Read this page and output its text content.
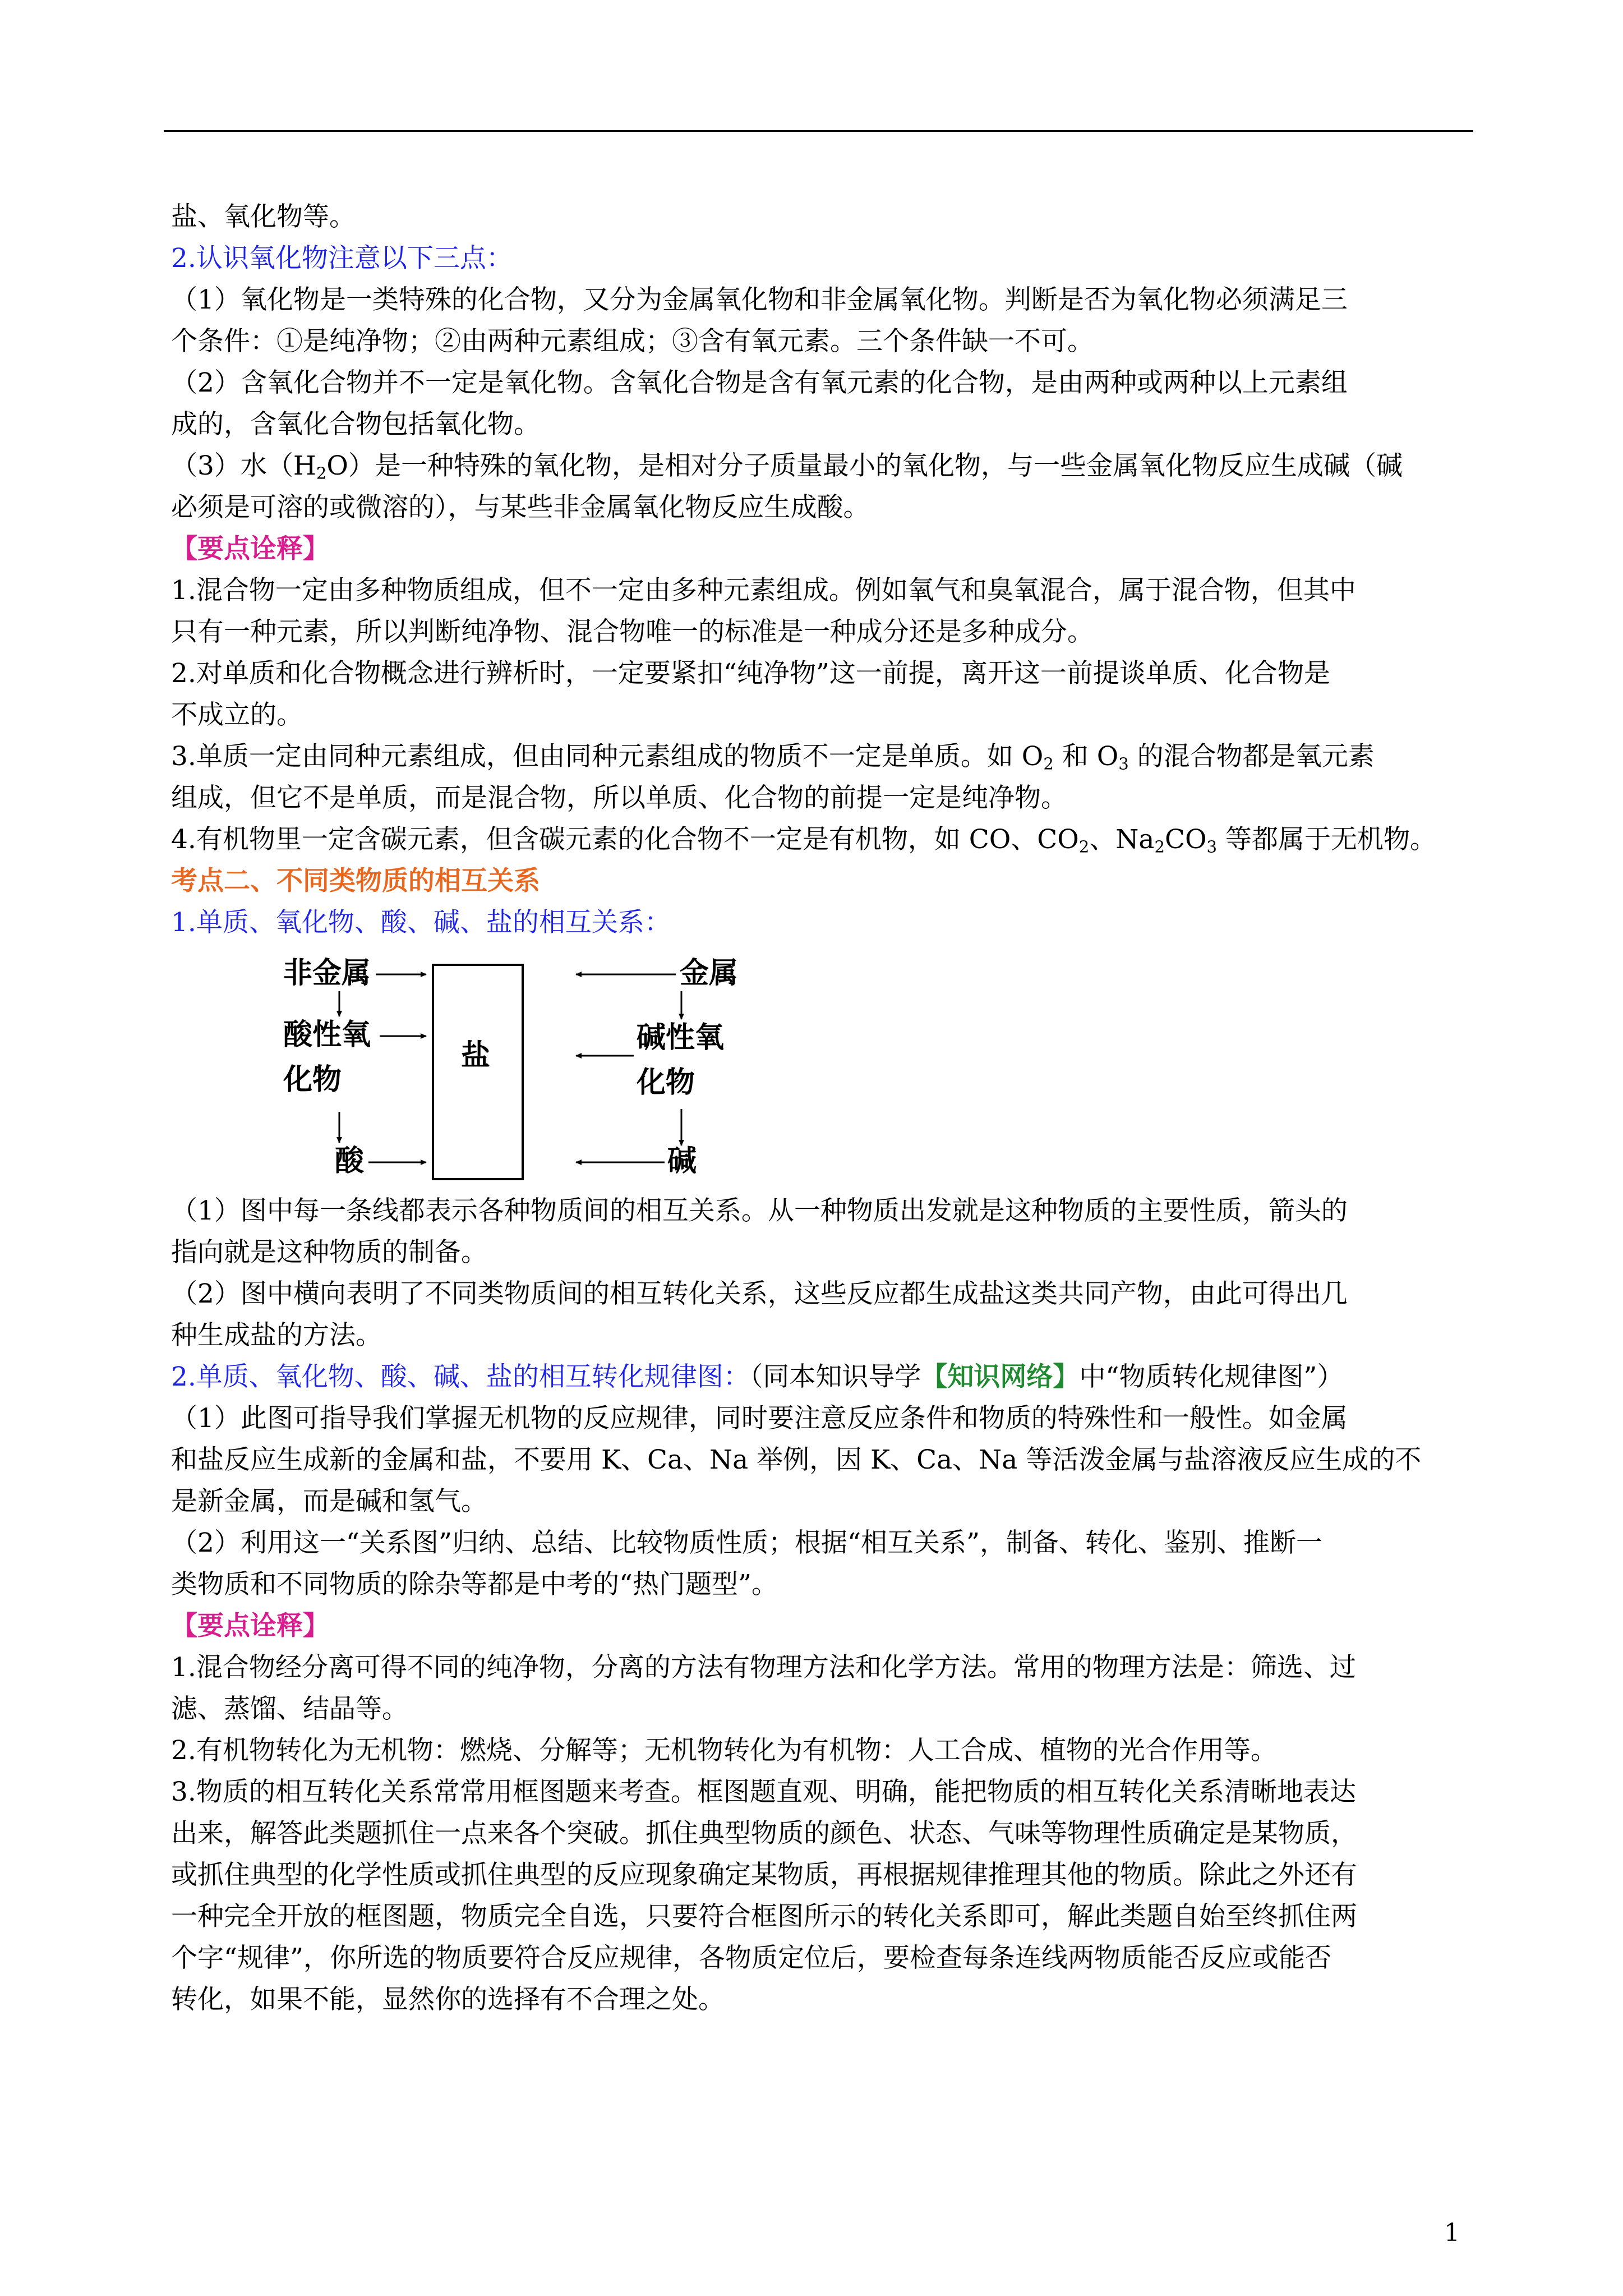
盐、氧化物等。
2.认识氧化物注意以下三点：
（1）氧化物是一类特殊的化合物，又分为金属氧化物和非金属氧化物。判断是否为氧化物必须满足三
个条件：①是纯净物；②由两种元素组成；③含有氧元素。三个条件缺一不可。
（2）含氧化合物并不一定是氧化物。含氧化合物是含有氧元素的化合物，是由两种或两种以上元素组
成的，含氧化合物包括氧化物。
（3）水$(H_2O)$是一种特殊的氧化物，是相对分子质量最小的氧化物，与一些金属氧化物反应生成碱（碱
必须是可溶的或微溶的），与某些非金属氧化物反应生成酸。
【要点诠释】
1.混合物一定由多种物质组成，但不一定由多种元素组成。例如氧气和臭氧混合，属于混合物，但其中
只有一种元素，所以判断纯净物、混合物唯一的标准是一种成分还是多种成分。
2.对单质和化合物概念进行辨析时，一定要紧扣“纯净物”这一前提，离开这一前提谈单质、化合物是
不成立的。
3.单质一定由同种元素组成，但由同种元素组成的物质不一定是单质。如 $O_2$ 和 $O_3$ 的混合物都是氧元素
组成，但它不是单质，而是混合物，所以单质、化合物的前提一定是纯净物。
4.有机物里一定含碳元素，但含碳元素的化合物不一定是有机物，如 CO、$CO_2$、$Na_2CO_3$ 等都属于无机物。
考点二、不同类物质的相互关系
1.单质、氧化物、酸、碱、盐的相互关系：
非金属
酸性氧
化物
酸
盐
金属
碱性氧
化物
碱
（1）图中每一条线都表示各种物质间的相互关系。从一种物质出发就是这种物质的主要性质，箭头的
指向就是这种物质的制备。
（2）图中横向表明了不同类物质间的相互转化关系，这些反应都生成盐这类共同产物，由此可得出几
种生成盐的方法。
2.单质、氧化物、酸、碱、盐的相互转化规律图：（同本知识导学【知识网络】中“物质转化规律图”）
（1）此图可指导我们掌握无机物的反应规律，同时要注意反应条件和物质的特殊性和一般性。如金属
和盐反应生成新的金属和盐，不要用 K、Ca、Na 举例，因 K、Ca、Na 等活泼金属与盐溶液反应生成的不
是新金属，而是碱和氢气。
（2）利用这一“关系图”归纳、总结、比较物质性质；根据“相互关系”，制备、转化、鉴别、推断一
类物质和不同物质的除杂等都是中考的“热门题型”。
【要点诠释】
1.混合物经分离可得不同的纯净物，分离的方法有物理方法和化学方法。常用的物理方法是：筛选、过
滤、蒸馏、结晶等。
2.有机物转化为无机物：燃烧、分解等；无机物转化为有机物：人工合成、植物的光合作用等。
3.物质的相互转化关系常常用框图题来考查。框图题直观、明确，能把物质的相互转化关系清晰地表达
出来，解答此类题抓住一点来各个突破。抓住典型物质的颜色、状态、气味等物理性质确定是某物质，
或抓住典型的化学性质或抓住典型的反应现象确定某物质，再根据规律推理其他的物质。除此之外还有
一种完全开放的框图题，物质完全自选，只要符合框图所示的转化关系即可，解此类题自始至终抓住两
个字“规律”，你所选的物质要符合反应规律，各物质定位后，要检查每条连线两物质能否反应或能否
转化，如果不能，显然你的选择有不合理之处。
1
